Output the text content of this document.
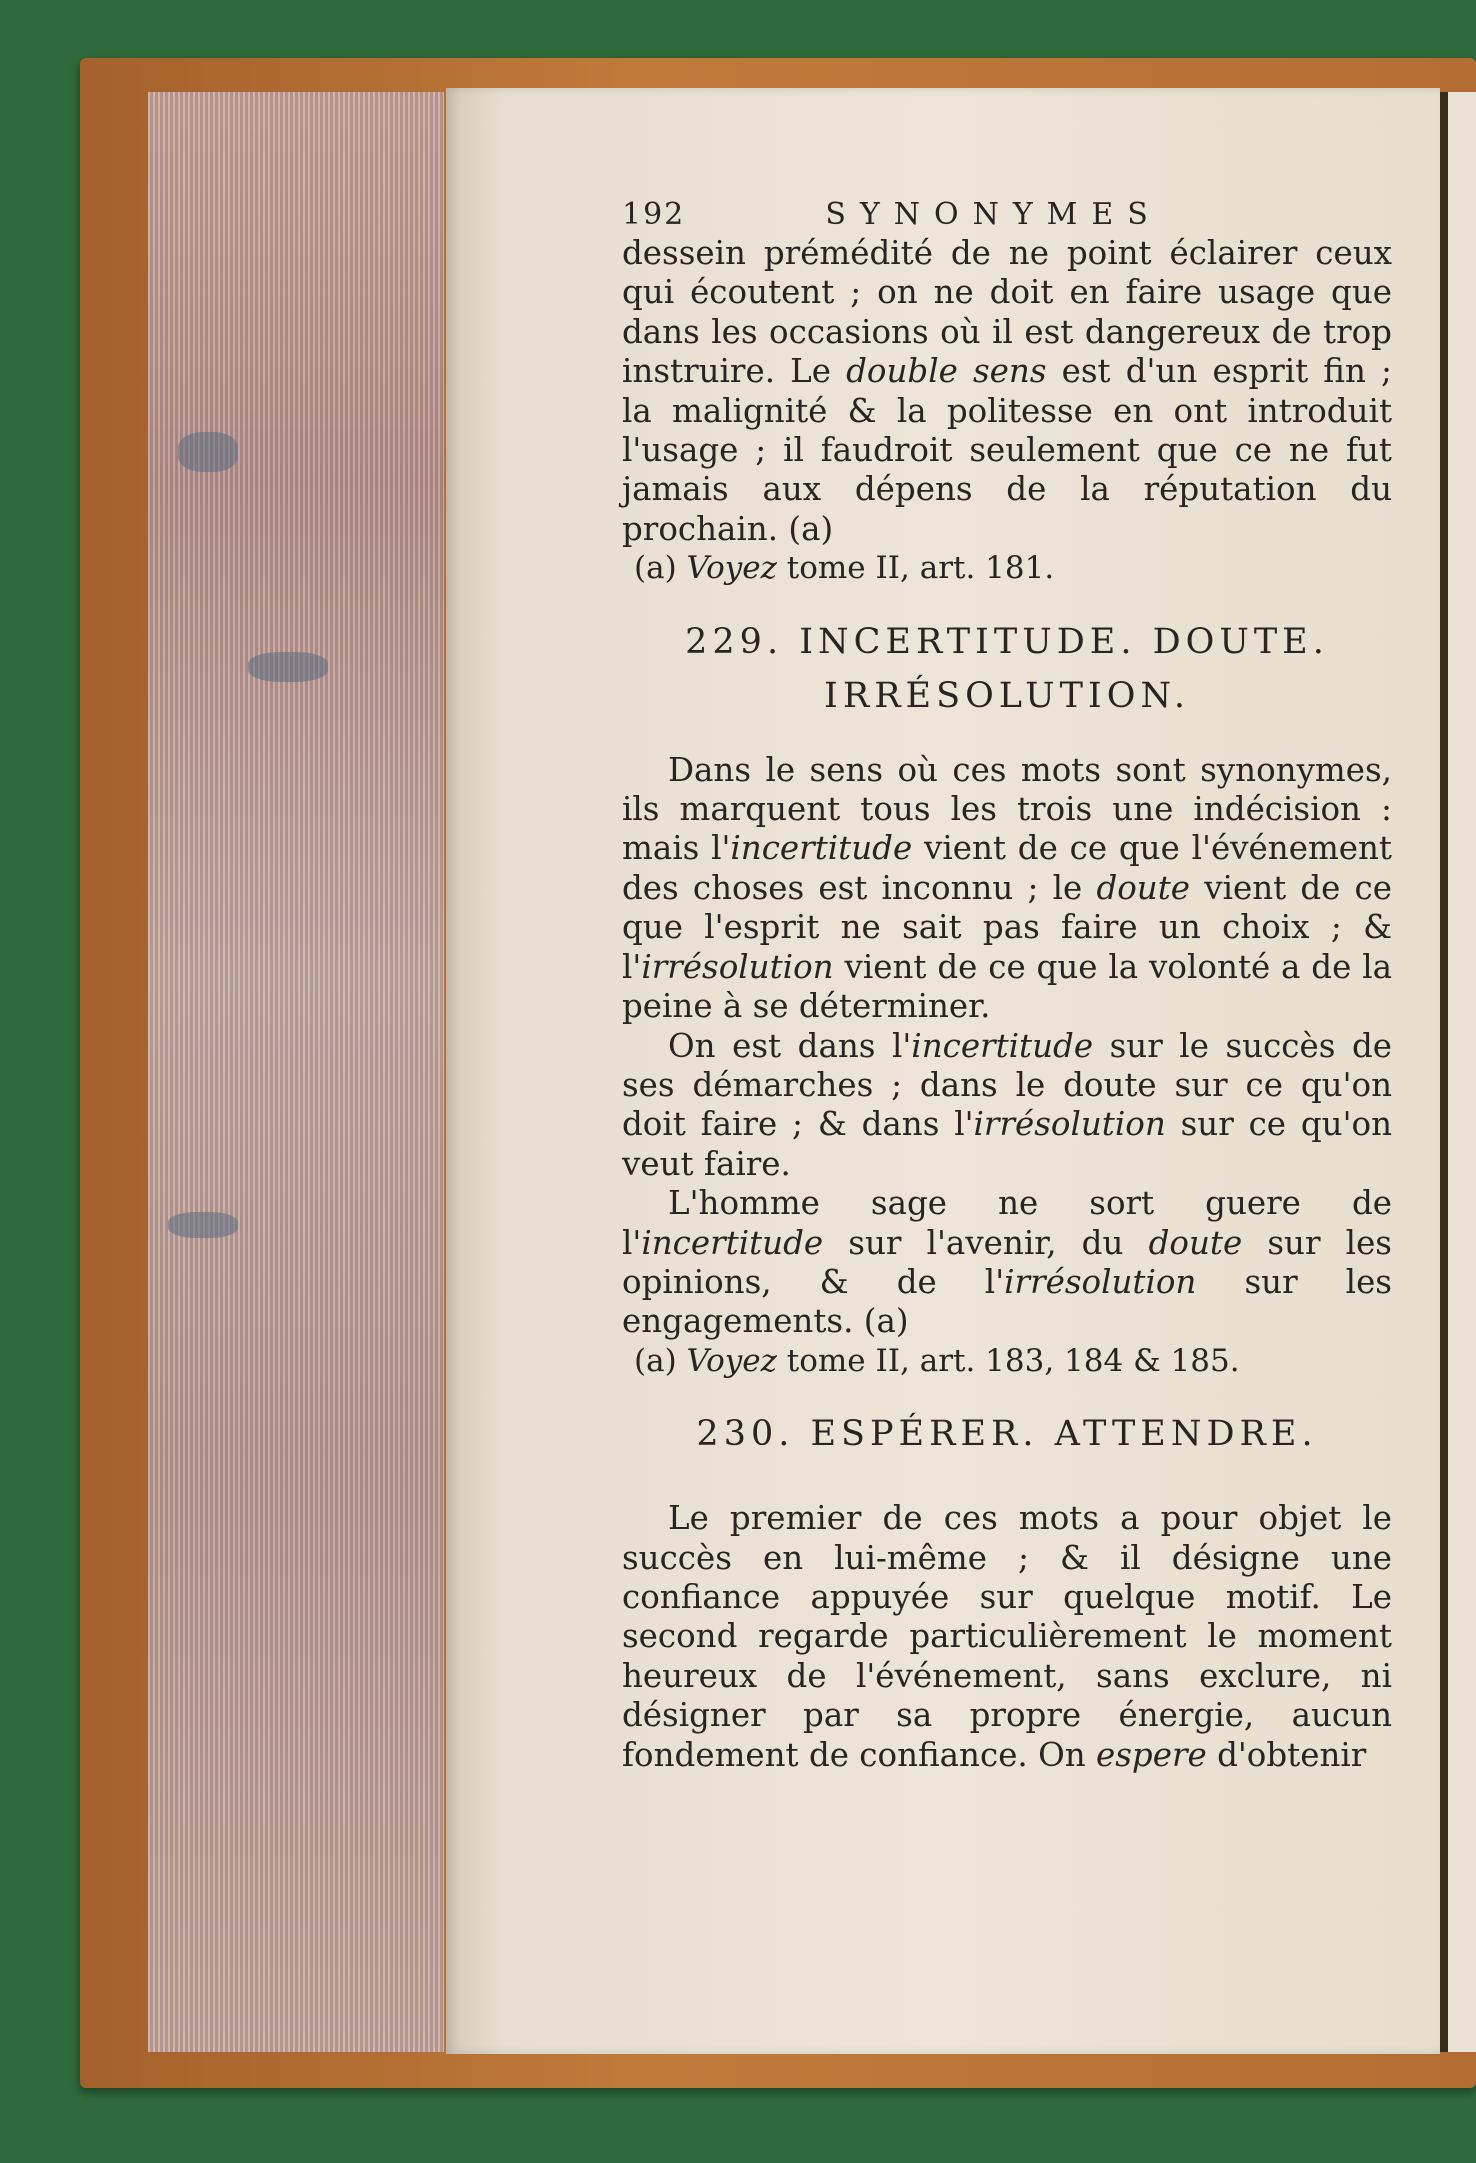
192	SYNONYMES

dessein prémédité de ne point éclairer ceux qui écoutent ; on ne doit en faire usage que dans les occasions où il est dangereux de trop instruire. Le double sens est d'un esprit fin ; la malignité & la politesse en ont introduit l'usage ; il faudroit seulement que ce ne fut jamais aux dépens de la réputation du prochain. (a)

(a) Voyez tome II, art. 181.

229. INCERTITUDE. DOUTE.
IRRÉSOLUTION.

Dans le sens où ces mots sont synonymes, ils marquent tous les trois une indécision : mais l'incertitude vient de ce que l'événement des choses est inconnu ; le doute vient de ce que l'esprit ne sait pas faire un choix ; & l'irrésolution vient de ce que la volonté a de la peine à se déterminer.

On est dans l'incertitude sur le succès de ses démarches ; dans le doute sur ce qu'on doit faire ; & dans l'irrésolution sur ce qu'on veut faire.

L'homme sage ne sort guere de l'incertitude sur l'avenir, du doute sur les opinions, & de l'irrésolution sur les engagements. (a)

(a) Voyez tome II, art. 183, 184 & 185.

230. ESPÉRER. ATTENDRE.

Le premier de ces mots a pour objet le succès en lui-même ; & il désigne une confiance appuyée sur quelque motif. Le second regarde particulièrement le moment heureux de l'événement, sans exclure, ni désigner par sa propre énergie, aucun fondement de confiance. On espere d'obtenir
